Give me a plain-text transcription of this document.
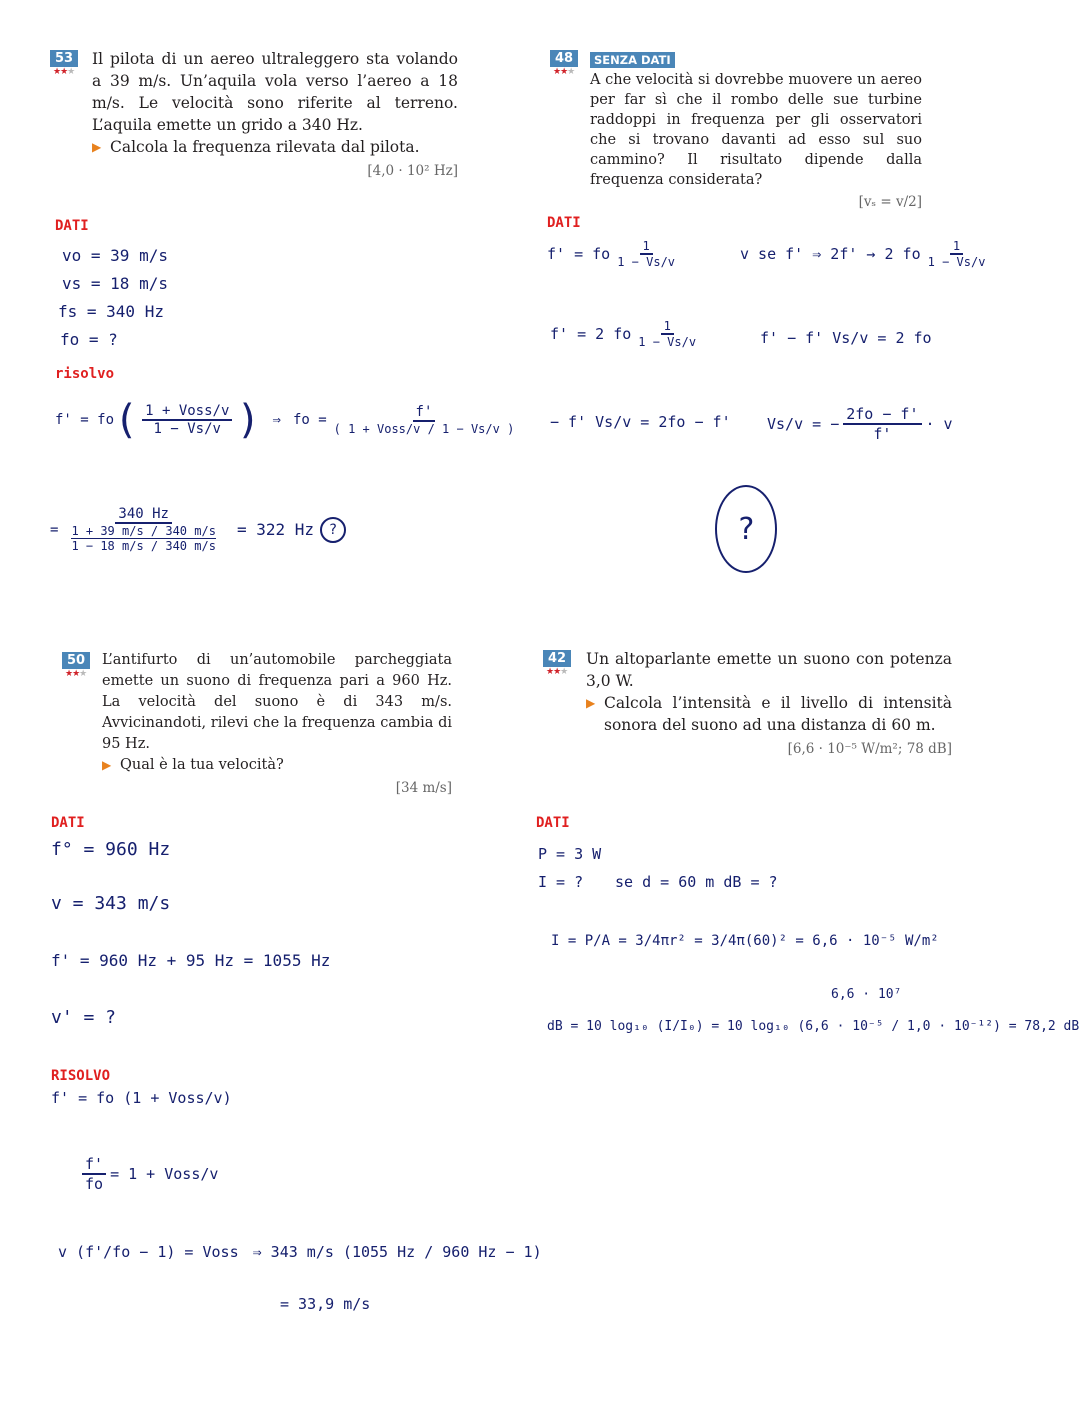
53
★★★

Il pilota di un aereo ultraleggero sta volando a 39 m/s. Un’aquila vola verso l’aereo a 18 m/s. Le velocità sono riferite al terreno. L’aquila emette un grido a 340 Hz.

▶ Calcola la frequenza rilevata dal pilota.

[4,0 · 10² Hz]
48
★★★
SENZA DATI

A che velocità si dovrebbe muovere un aereo per far sì che il rombo delle sue turbine raddoppi in frequenza per gli osservatori che si trovano davanti ad esso sul suo cammino? Il risultato dipende dalla frequenza considerata?

[vₛ = v/2]
DATI
vo = 39 m/s
vs = 18 m/s
fs = 340 Hz
fo = ?
risolvo
f' = fo ( $\frac{\text{1 + Voss/v}}{1 - Vs/v}$ ) ⇒ fo = $\frac{f'}{\text{( 1 + Voss/v / 1 − Vs/v )}}$
= 340 Hz
1 + 39 m/s / 340 m/s
1 − 18 m/s / 340 m/s = 322 Hz	?
DATI
f' = fo $\frac{1}{1 - Vs/v}$	v se f' ⇒ 2f' → 2 fo $\frac{1}{1 - Vs/v}$
f' = 2 fo $\frac{1}{1 - Vs/v}$	f' − f' Vs/v = 2 fo
− f' Vs/v = 2fo − f' Vs/v = − $\frac{2fo - f'}{f'} \cdot v$
?
50
★★★

L’antifurto di un’automobile parcheggiata emette un suono di frequenza pari a 960 Hz. La velocità del suono è di 343 m/s. Avvicinandoti, rilevi che la frequenza cambia di 95 Hz.

▶ Qual è la tua velocità?

[34 m/s]
42
★★★

Un altoparlante emette un suono con potenza 3,0 W.

▶ Calcola l’intensità e il livello di intensità sonora del suono ad una distanza di 60 m.

[6,6 · 10⁻⁵ W/m²; 78 dB]
DATI
f° = 960 Hz
v = 343 m/s
f' = 960 Hz + 95 Hz = 1055 Hz
v' = ?
RISOLVO
f' = fo (1 + Voss/v)
$\frac{f'}{fo} = 1$ + Voss/v
v (f'/fo − 1) = Voss ⇒ 343 m/s (1055 Hz / 960 Hz − 1)
= 33,9 m/s
DATI
P = 3 W
I = ? se d = 60 m dB = ?
I = P/A = 3/4πr² = 3/4π(60)² = 6,6 · 10⁻⁵ W/m²
6,6 · 10⁷
dB = 10 log₁₀ (I/I₀) = 10 log₁₀ (6,6 · 10⁻⁵ / 1,0 · 10⁻¹²) = 78,2 dB
